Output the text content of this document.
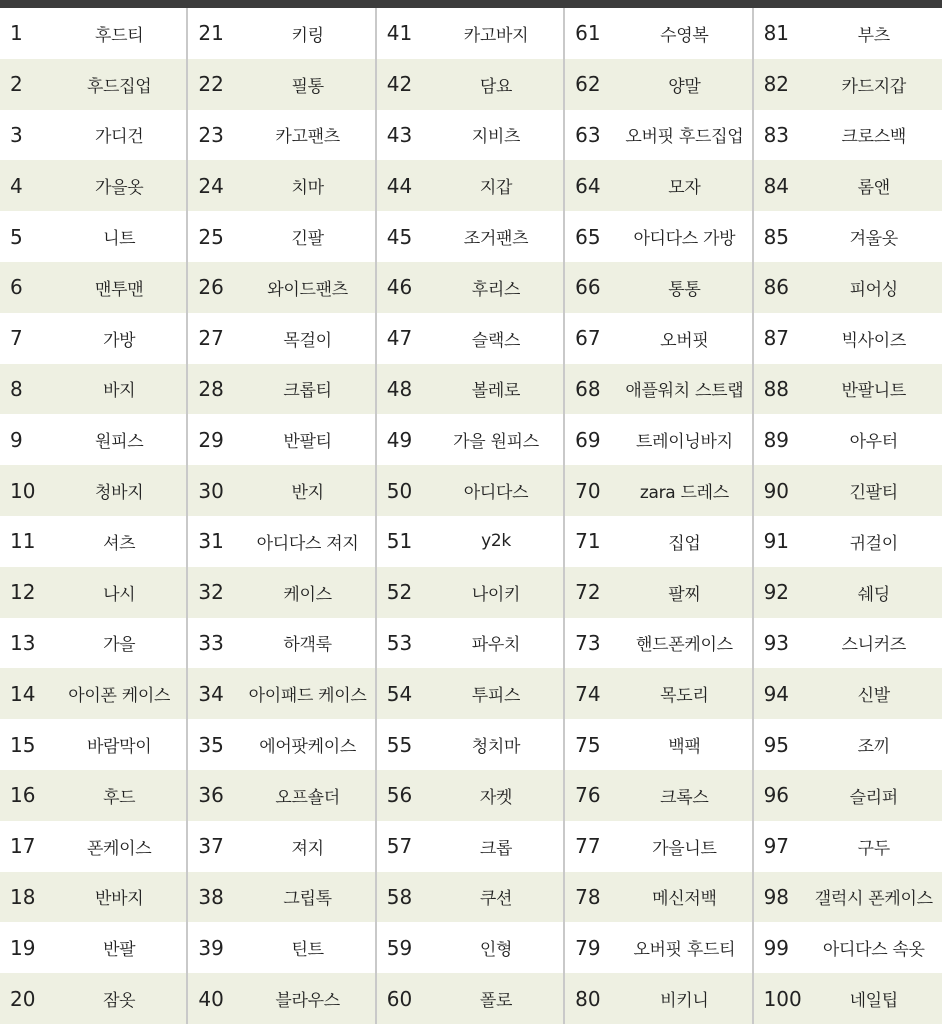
1	후드티	21	키링	41	카고바지	61	수영복	81	부츠
2	후드집업	22	필통	42	담요	62	양말	82	카드지갑
3	가디건	23	카고팬츠	43	지비츠	63	오버핏 후드집업	83	크로스백
4	가을옷	24	치마	44	지갑	64	모자	84	롬앤
5	니트	25	긴팔	45	조거팬츠	65	아디다스 가방	85	겨울옷
6	맨투맨	26	와이드팬츠	46	후리스	66	통통	86	피어싱
7	가방	27	목걸이	47	슬랙스	67	오버핏	87	빅사이즈
8	바지	28	크롭티	48	볼레로	68	애플워치 스트랩	88	반팔니트
9	원피스	29	반팔티	49	가을 원피스	69	트레이닝바지	89	아우터
10	청바지	30	반지	50	아디다스	70	zara 드레스	90	긴팔티
11	셔츠	31	아디다스 져지	51	y2k	71	집업	91	귀걸이
12	나시	32	케이스	52	나이키	72	팔찌	92	쉐딩
13	가을	33	하객룩	53	파우치	73	핸드폰케이스	93	스니커즈
14	아이폰 케이스	34	아이패드 케이스	54	투피스	74	목도리	94	신발
15	바람막이	35	에어팟케이스	55	청치마	75	백팩	95	조끼
16	후드	36	오프숄더	56	자켓	76	크록스	96	슬리퍼
17	폰케이스	37	져지	57	크롭	77	가을니트	97	구두
18	반바지	38	그립톡	58	쿠션	78	메신저백	98	갤럭시 폰케이스
19	반팔	39	틴트	59	인형	79	오버핏 후드티	99	아디다스 속옷
20	잠옷	40	블라우스	60	폴로	80	비키니	100	네일팁
